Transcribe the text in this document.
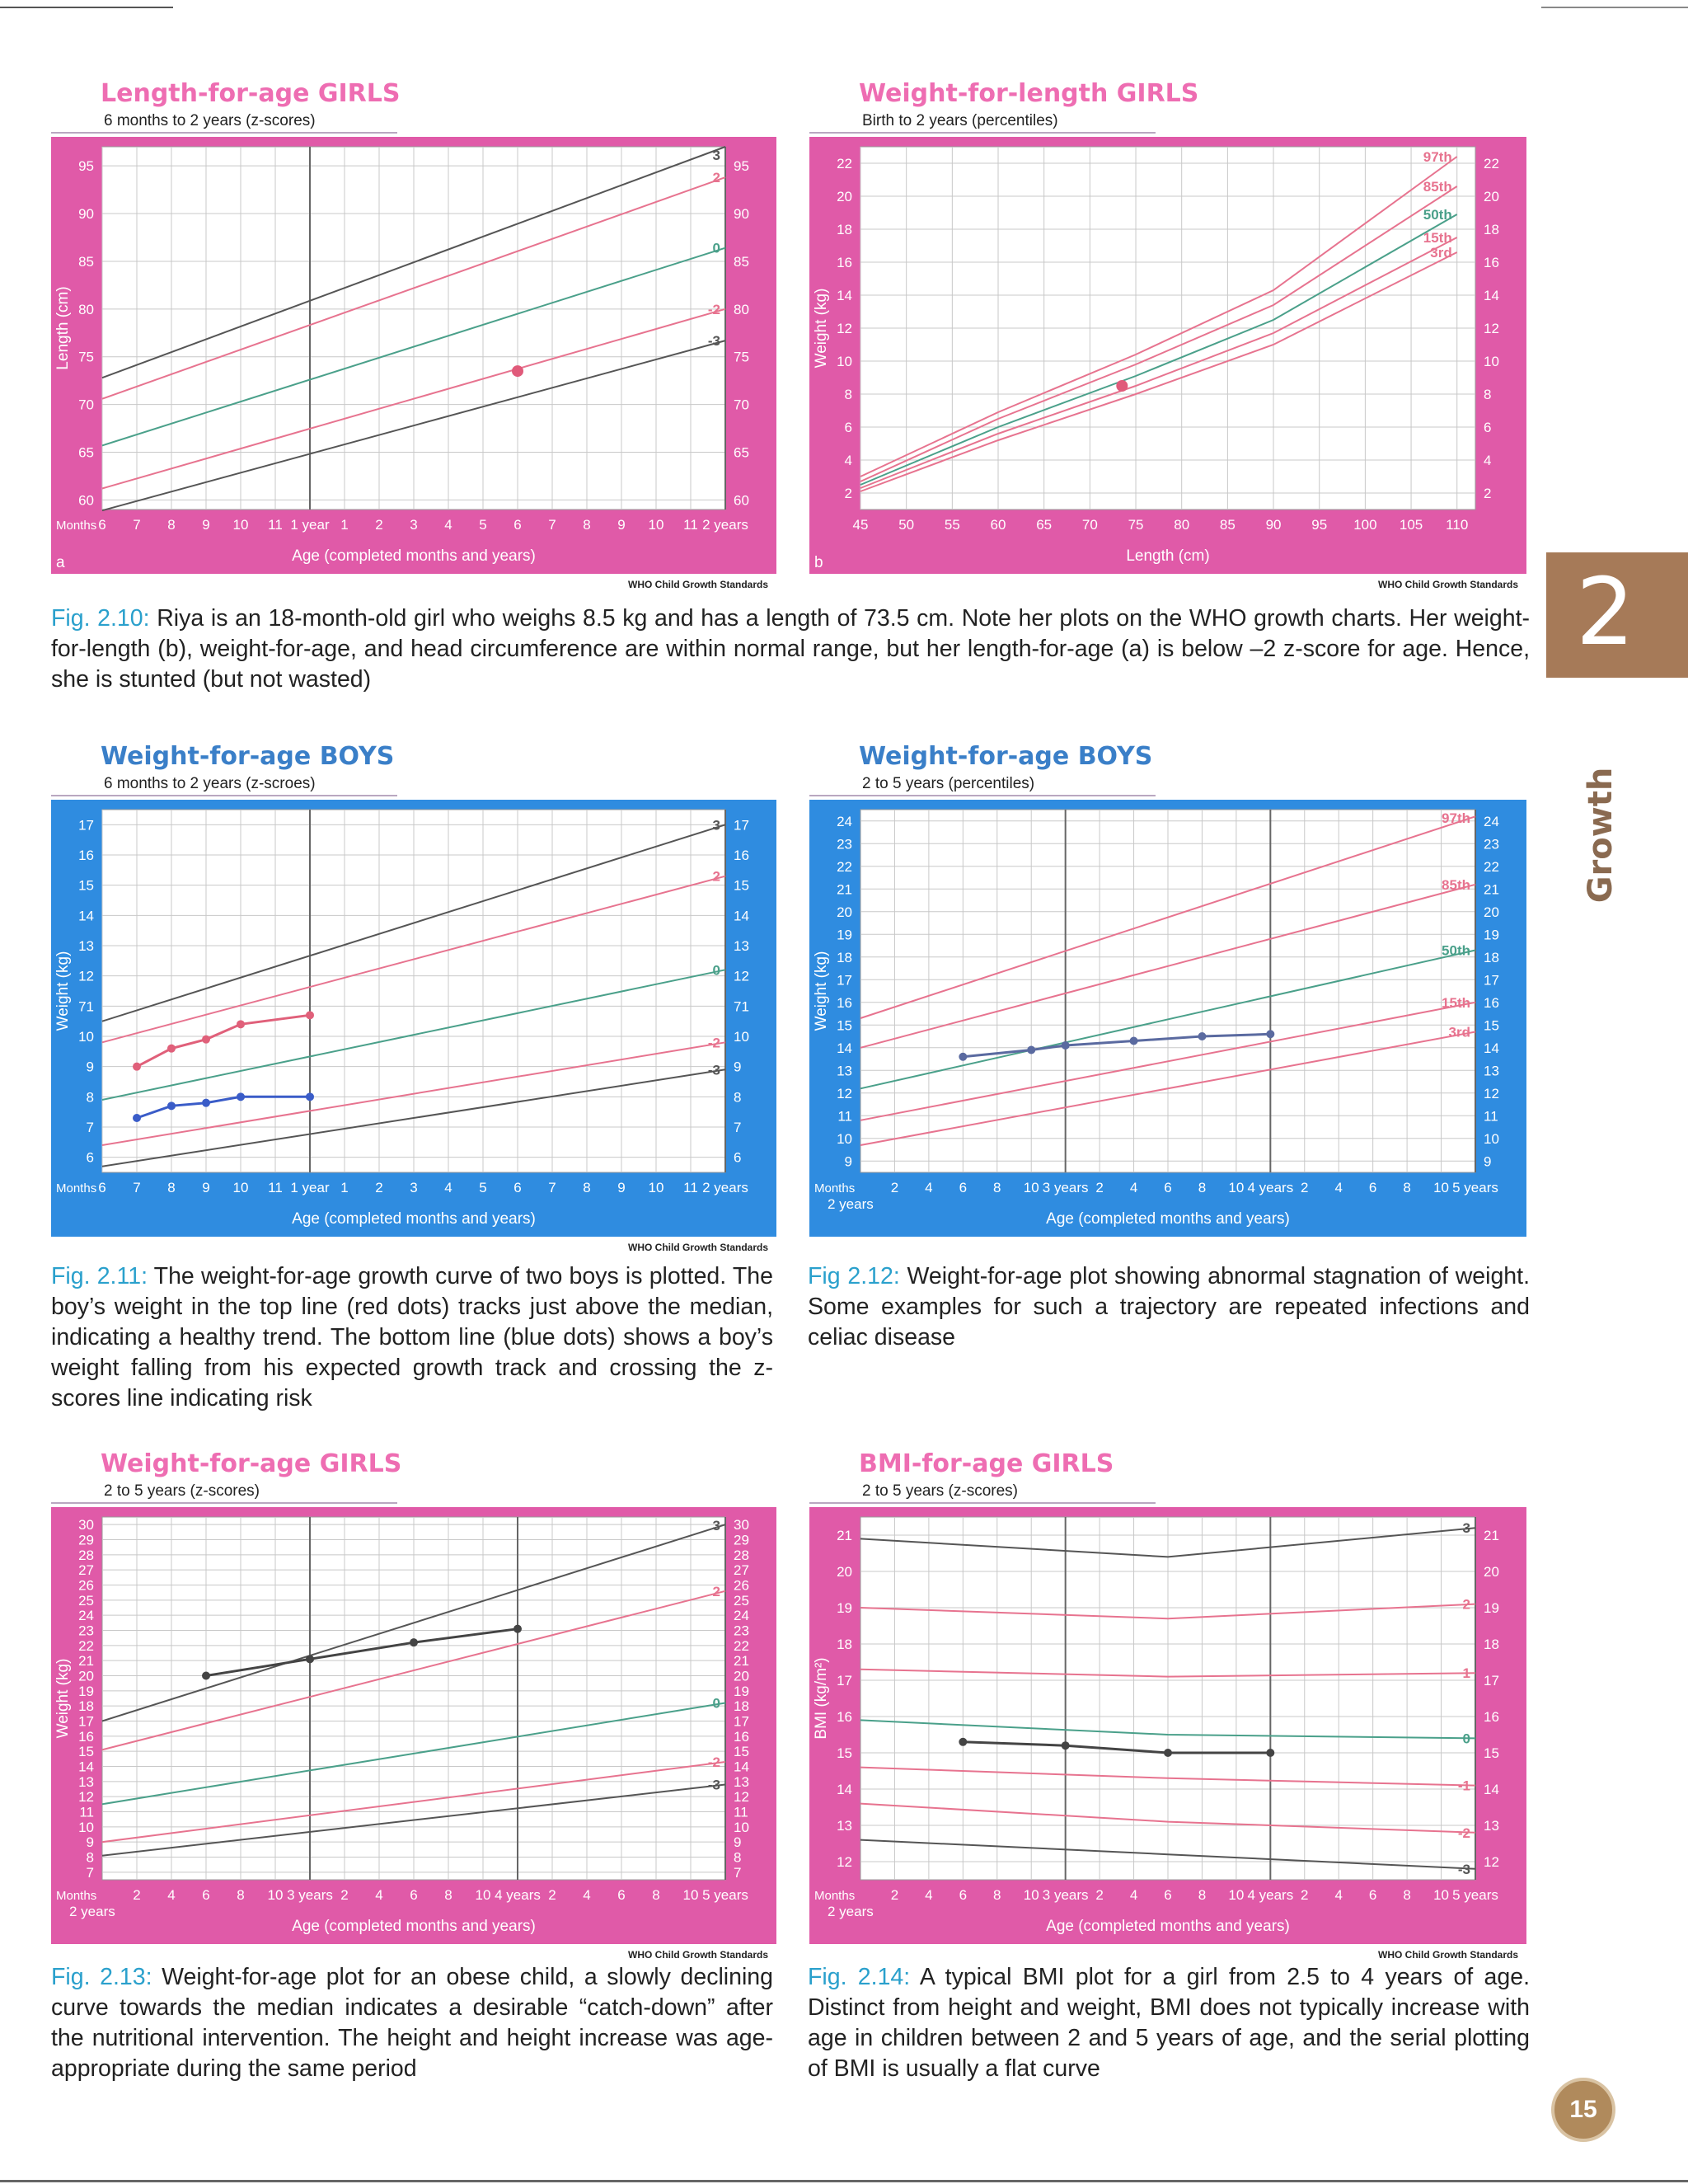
Length-for-age GIRLS
6 months to 2 years (z-scores)
60	60
65	65
70	70
75	75
80	80
85	85
90	90
95	95
6 7 8 9 10 11 1 year 1 2 3 4 5 6 7 8 9 10 11 2 years
Months
Age (completed months and years)
Length (cm)
3
2
0
-2
-3
a
WHO Child Growth Standards
Weight-for-length GIRLS
Birth to 2 years (percentiles)
2	2
4	4
6	6
8	8
10	10
12	12
14	14
16	16
18	18
20	20
22	22
45 50 55 60 65 70 75 80 85 90 95 100 105 110
Length (cm)
Weight (kg)
97th
85th
50th
15th
3rd
b
WHO Child Growth Standards
Weight-for-age BOYS
6 months to 2 years (z-scroes)
6	6
7	7
8	8
9	9
10	10
71	71
12	12
13	13
14	14
15	15
16	16
17	17
6 7 8 9 10 11 1 year 1 2 3 4 5 6 7 8 9 10 11 2 years
Months
Age (completed months and years)
Weight (kg)
3
2
0
-2
-3
WHO Child Growth Standards
Weight-for-age BOYS
2 to 5 years (percentiles)
9	9
10	10
11	11
12	12
13	13
14	14
15	15
16	16
17	17
18	18
19	19
20	20
21	21
22	22
23	23
24	24
2 4 6 8 10 3 years 2 4 6 8 10 4 years 2 4 6 8 10 5 years
Months
2 years
Age (completed months and years)
Weight (kg)
97th
85th
50th
15th
3rd
Weight-for-age GIRLS
2 to 5 years (z-scores)
7	7
8	8
9	9
10	10
11	11
12	12
13	13
14	14
15	15
16	16
17	17
18	18
19	19
20	20
21	21
22	22
23	23
24	24
25	25
26	26
27	27
28	28
29	29
30	30
2 4 6 8 10 3 years 2 4 6 8 10 4 years 2 4 6 8 10 5 years
Months
2 years
Age (completed months and years)
Weight (kg)
3
2
0
-2
-3
WHO Child Growth Standards
BMI-for-age GIRLS
2 to 5 years (z-scores)
12	12
13	13
14	14
15	15
16	16
17	17
18	18
19	19
20	20
21	21
2 4 6 8 10 3 years 2 4 6 8 10 4 years 2 4 6 8 10 5 years
Months
2 years
Age (completed months and years)
BMI (kg/m²)
3
2
1
0
-1
-2
-3
WHO Child Growth Standards
Fig. 2.10: Riya is an 18-month-old girl who weighs 8.5 kg and has a length of 73.5 cm. Note her plots on the WHO growth charts. Her weight-for-length (b), weight-for-age, and head circumference are within normal range, but her length-for-age (a) is below –2 z-score for age. Hence, she is stunted (but not wasted)
Fig. 2.11: The weight-for-age growth curve of two boys is plotted. The boy’s weight in the top line (red dots) tracks just above the median, indicating a healthy trend. The bottom line (blue dots) shows a boy’s weight falling from his expected growth track and crossing the z-scores line indicating risk
Fig 2.12: Weight-for-age plot showing abnormal stagnation of weight. Some examples for such a trajectory are repeated infections and celiac disease
Fig. 2.13: Weight-for-age plot for an obese child, a slowly declining curve towards the median indicates a desirable “catch-down” after the nutritional intervention. The height and height increase was age-appropriate during the same period
Fig. 2.14: A typical BMI plot for a girl from 2.5 to 4 years of age. Distinct from height and weight, BMI does not typically increase with age in children between 2 and 5 years of age, and the serial plotting of BMI is usually a flat curve
2
Growth
15
